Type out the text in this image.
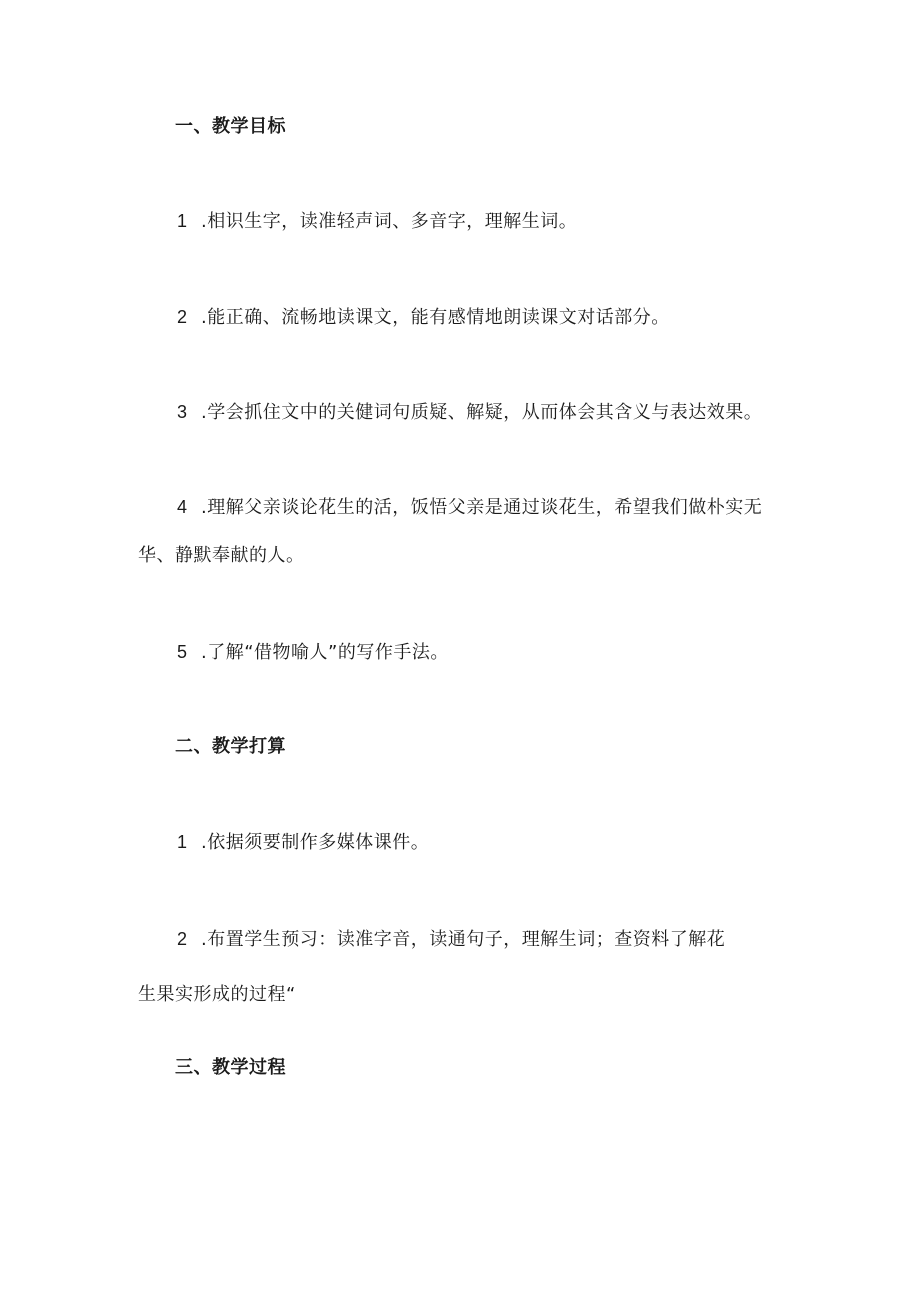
一、教学目标
1 .相识生字，读准轻声词、多音字，理解生词。
2 .能正确、流畅地读课文，能有感情地朗读课文对话部分。
3 .学会抓住文中的关健词句质疑、解疑，从而体会其含义与表达效果。
4 .理解父亲谈论花生的活，饭悟父亲是通过谈花生，希望我们做朴实无
华、静默奉献的人。
5 .了解“借物喻人”的写作手法。
二、教学打算
1 .依据须要制作多媒体课件。
2 .布置学生预习：读准字音，读通句子，理解生词；查资料了解花
生果实形成的过程“
三、教学过程
